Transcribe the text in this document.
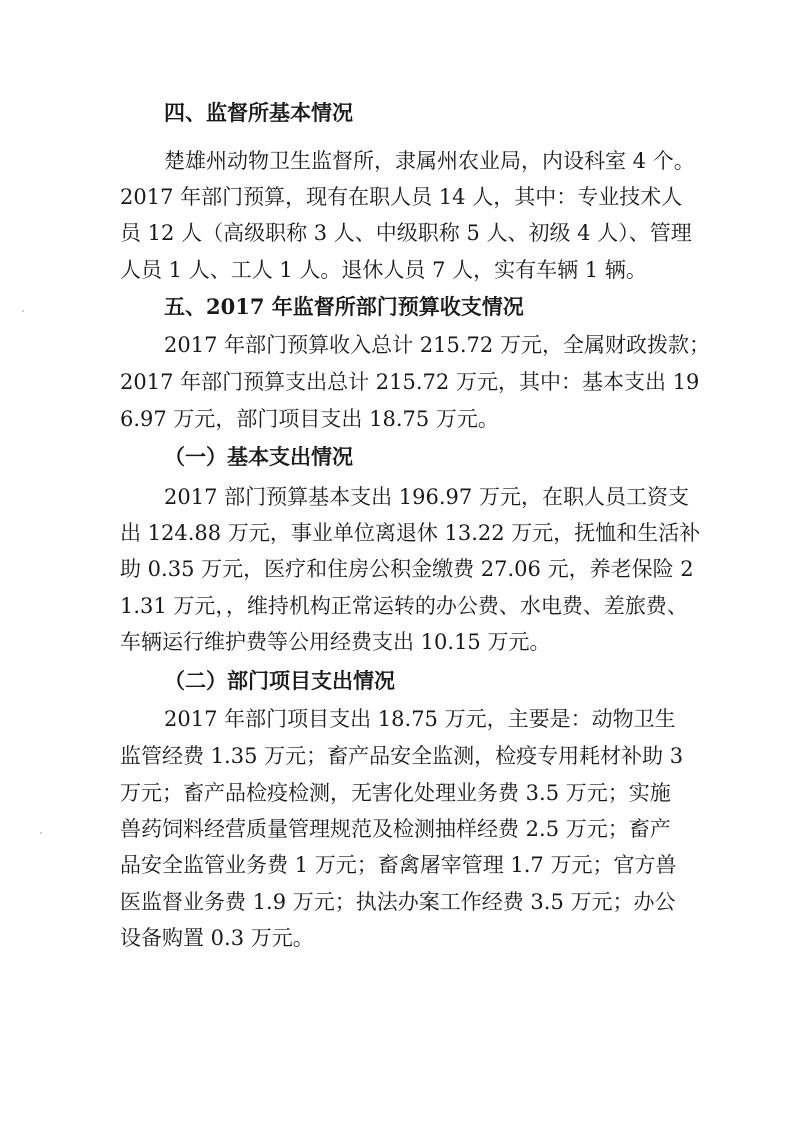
四、监督所基本情况
楚雄州动物卫生监督所，隶属州农业局，内设科室 4 个。
2017 年部门预算，现有在职人员 14 人，其中：专业技术人
员 12 人（高级职称 3 人、中级职称 5 人、初级 4 人）、管理
人员 1 人、工人 1 人。退休人员 7 人，实有车辆 1 辆。
五、2017 年监督所部门预算收支情况
2017 年部门预算收入总计 215.72 万元，全属财政拨款；
2017 年部门预算支出总计 215.72 万元，其中：基本支出 19
6.97 万元，部门项目支出 18.75 万元。
（一）基本支出情况
2017 部门预算基本支出 196.97 万元，在职人员工资支
出 124.88 万元，事业单位离退休 13.22 万元，抚恤和生活补
助 0.35 万元，医疗和住房公积金缴费 27.06 元，养老保险 2
1.31 万元，，维持机构正常运转的办公费、水电费、差旅费、
车辆运行维护费等公用经费支出 10.15 万元。
（二）部门项目支出情况
2017 年部门项目支出 18.75 万元，主要是：动物卫生
监管经费 1.35 万元；畜产品安全监测，检疫专用耗材补助 3
万元；畜产品检疫检测，无害化处理业务费 3.5 万元；实施
兽药饲料经营质量管理规范及检测抽样经费 2.5 万元；畜产
品安全监管业务费 1 万元；畜禽屠宰管理 1.7 万元；官方兽
医监督业务费 1.9 万元；执法办案工作经费 3.5 万元；办公
设备购置 0.3 万元。
